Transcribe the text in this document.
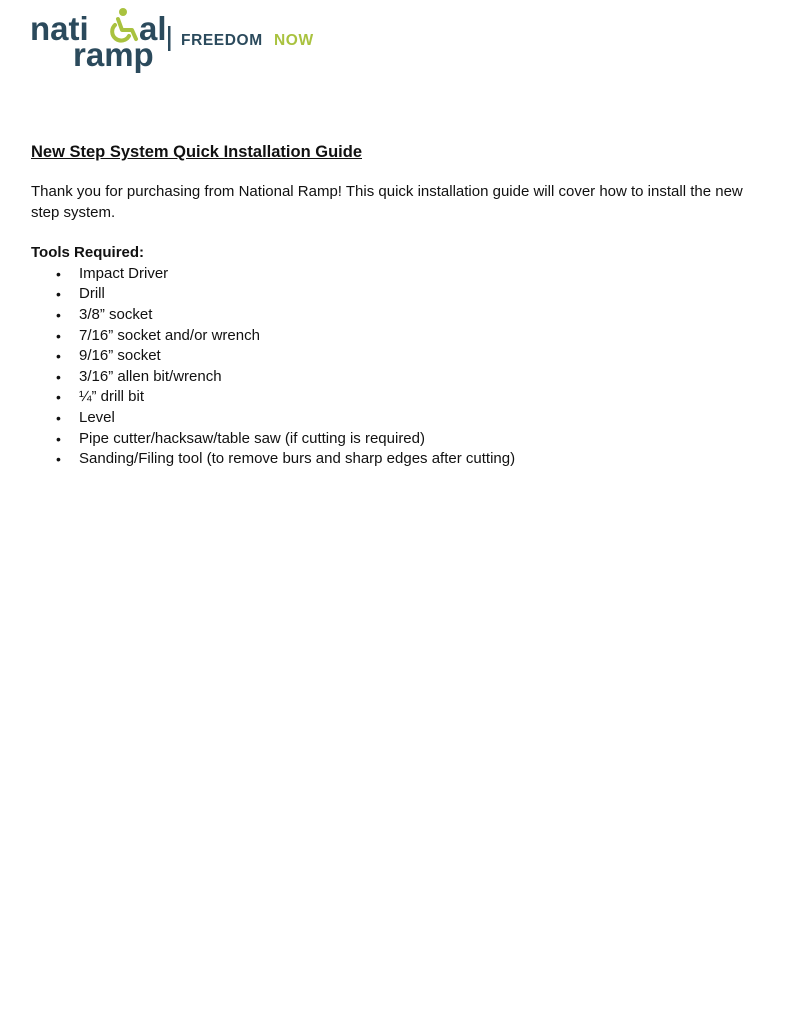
nati al
ramp FREEDOM NOW
New Step System Quick Installation Guide

Thank you for purchasing from National Ramp! This quick installation guide will cover how to install the new step system.

Tools Required:

• Impact Driver
• Drill
• 3/8” socket
• 7/16” socket and/or wrench
• 9/16” socket
• 3/16” allen bit/wrench
• ¼” drill bit
• Level
• Pipe cutter/hacksaw/table saw (if cutting is required)
• Sanding/Filing tool (to remove burs and sharp edges after cutting)
